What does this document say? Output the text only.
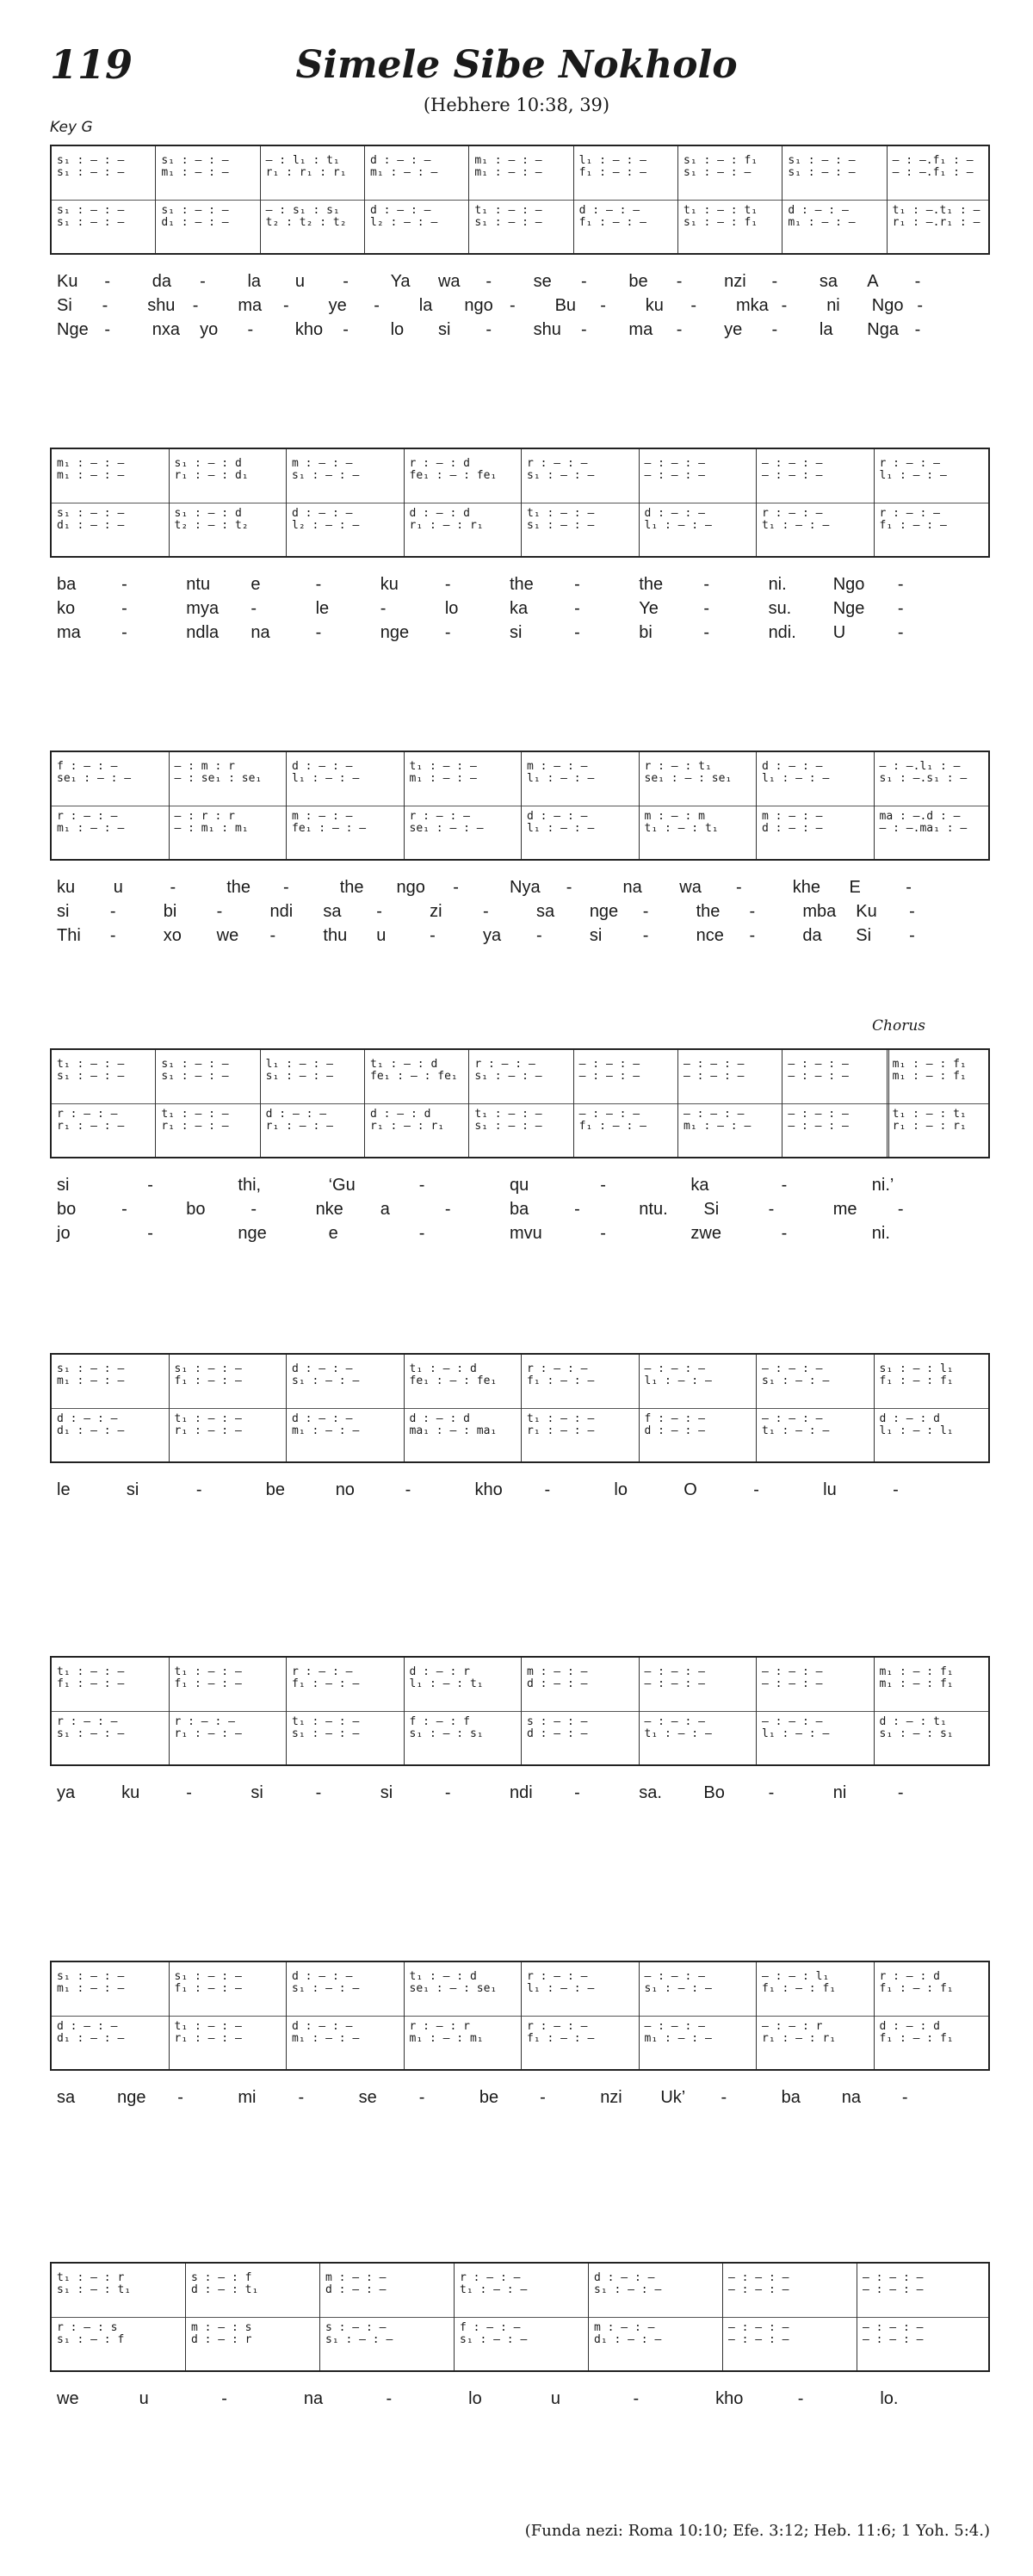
119	Simele Sibe Nokholo
(Hebhere 10:38, 39)
Key G
Chorus
s₁ : – : –	s₁ : – : –	– : l₁ : t₁	d : – : –	m₁ : – : –	l₁ : – : –	s₁ : – : f₁	s₁ : – : –	– : –.f₁ : –
s₁ : – : –	m₁ : – : –	r₁ : r₁ : r₁	m₁ : – : –	m₁ : – : –	f₁ : – : –	s₁ : – : –	s₁ : – : –	– : –.f₁ : –
s₁ : – : –	s₁ : – : –	– : s₁ : s₁	d : – : –	t₁ : – : –	d : – : –	t₁ : – : t₁	d : – : –	t₁ : –.t₁ : –
s₁ : – : –	d₁ : – : –	t₂ : t₂ : t₂	l₂ : – : –	s₁ : – : –	f₁ : – : –	s₁ : – : f₁	m₁ : – : –	r₁ : –.r₁ : –
Ku - da - la u - Ya wa - se - be - nzi - sa A -
Si - shu - ma - ye - la ngo - Bu - ku - mka - ni Ngo -
Nge - nxa yo - kho - lo si - shu - ma - ye - la Nga -
m₁ : – : –	s₁ : – : d	m : – : –	r : – : d	r : – : –	– : – : –	– : – : –	r : – : –
m₁ : – : –	r₁ : – : d₁	s₁ : – : –	fe₁ : – : fe₁	s₁ : – : –	– : – : –	– : – : –	l₁ : – : –
s₁ : – : –	s₁ : – : d	d : – : –	d : – : d	t₁ : – : –	d : – : –	r : – : –	r : – : –
d₁ : – : –	t₂ : – : t₂	l₂ : – : –	r₁ : – : r₁	s₁ : – : –	l₁ : – : –	t₁ : – : –	f₁ : – : –
ba	-	ntu e	-	ku	-	the -	the -	ni.	Ngo -
ko	-	mya -	le	-	lo	ka	-	Ye	-	su. Nge -
ma -	ndla na	-	nge -	si	-	bi	-	ndi. U	-
f : – : –	– : m : r	d : – : –	t₁ : – : –	m : – : –	r : – : t₁	d : – : –	– : –.l₁ : –
se₁ : – : –	– : se₁ : se₁	l₁ : – : –	m₁ : – : –	l₁ : – : –	se₁ : – : se₁	l₁ : – : –	s₁ : –.s₁ : –
r : – : –	– : r : r	m : – : –	r : – : –	d : – : –	m : – : m	m : – : –	ma : –.d : –
m₁ : – : –	– : m₁ : m₁	fe₁ : – : –	se₁ : – : –	l₁ : – : –	t₁ : – : t₁	d : – : –	– : –.ma₁ : –
ku u	-	the -	the ngo -	Nya -	na wa -	khe E	-
si -	bi -	ndi sa -	zi -	sa nge -	the -	mba Ku -
Thi -	xo we -	thu u	-	ya -	si -	nce -	da Si -
t₁ : – : –	s₁ : – : –	l₁ : – : –	t₁ : – : d	r : – : –	– : – : –	– : – : –	– : – : –	m₁ : – : f₁
s₁ : – : –	s₁ : – : –	s₁ : – : –	fe₁ : – : fe₁	s₁ : – : –	– : – : –	– : – : –	– : – : –	m₁ : – : f₁
r : – : –	t₁ : – : –	d : – : –	d : – : d	t₁ : – : –	– : – : –	– : – : –	– : – : –	t₁ : – : t₁
r₁ : – : –	r₁ : – : –	r₁ : – : –	r₁ : – : r₁	s₁ : – : –	f₁ : – : –	m₁ : – : –	– : – : –	r₁ : – : r₁
si	-	thi,	‘Gu	-	qu	-	ka	-	ni.’
bo	-	bo	-	nke a	-	ba	-	ntu. Si	-	me -
jo	-	nge	e	-	mvu	-	zwe	-	ni.
s₁ : – : –	s₁ : – : –	d : – : –	t₁ : – : d	r : – : –	– : – : –	– : – : –	s₁ : – : l₁
m₁ : – : –	f₁ : – : –	s₁ : – : –	fe₁ : – : fe₁	f₁ : – : –	l₁ : – : –	s₁ : – : –	f₁ : – : f₁
d : – : –	t₁ : – : –	d : – : –	d : – : d	t₁ : – : –	f : – : –	– : – : –	d : – : d
d₁ : – : –	r₁ : – : –	m₁ : – : –	ma₁ : – : ma₁	r₁ : – : –	d : – : –	t₁ : – : –	l₁ : – : l₁
le	si	-	be	no	-	kho -	lo	O	-	lu	-
t₁ : – : –	t₁ : – : –	r : – : –	d : – : r	m : – : –	– : – : –	– : – : –	m₁ : – : f₁
f₁ : – : –	f₁ : – : –	f₁ : – : –	l₁ : – : t₁	d : – : –	– : – : –	– : – : –	m₁ : – : f₁
r : – : –	r : – : –	t₁ : – : –	f : – : f	s : – : –	– : – : –	– : – : –	d : – : t₁
s₁ : – : –	r₁ : – : –	s₁ : – : –	s₁ : – : s₁	d : – : –	t₁ : – : –	l₁ : – : –	s₁ : – : s₁
ya	ku	-	si	-	si	-	ndi -	sa. Bo	-	ni	-
s₁ : – : –	s₁ : – : –	d : – : –	t₁ : – : d	r : – : –	– : – : –	– : – : l₁	r : – : d
m₁ : – : –	f₁ : – : –	s₁ : – : –	se₁ : – : se₁	l₁ : – : –	s₁ : – : –	f₁ : – : f₁	f₁ : – : f₁
d : – : –	t₁ : – : –	d : – : –	r : – : r	r : – : –	– : – : –	– : – : r	d : – : d
d₁ : – : –	r₁ : – : –	m₁ : – : –	m₁ : – : m₁	f₁ : – : –	m₁ : – : –	r₁ : – : r₁	f₁ : – : f₁
sa nge -	mi -	se -	be -	nzi Uk’ -	ba na -
t₁ : – : r	s : – : f	m : – : –	r : – : –	d : – : –	– : – : –	– : – : –
s₁ : – : t₁	d : – : t₁	d : – : –	t₁ : – : –	s₁ : – : –	– : – : –	– : – : –
r : – : s	m : – : s	s : – : –	f : – : –	m : – : –	– : – : –	– : – : –
s₁ : – : f	d : – : r	s₁ : – : –	s₁ : – : –	d₁ : – : –	– : – : –	– : – : –
we	u	-	na	-	lo	u	-	kho	-	lo.
(Funda nezi: Roma 10:10; Efe. 3:12; Heb. 11:6; 1 Yoh. 5:4.)
